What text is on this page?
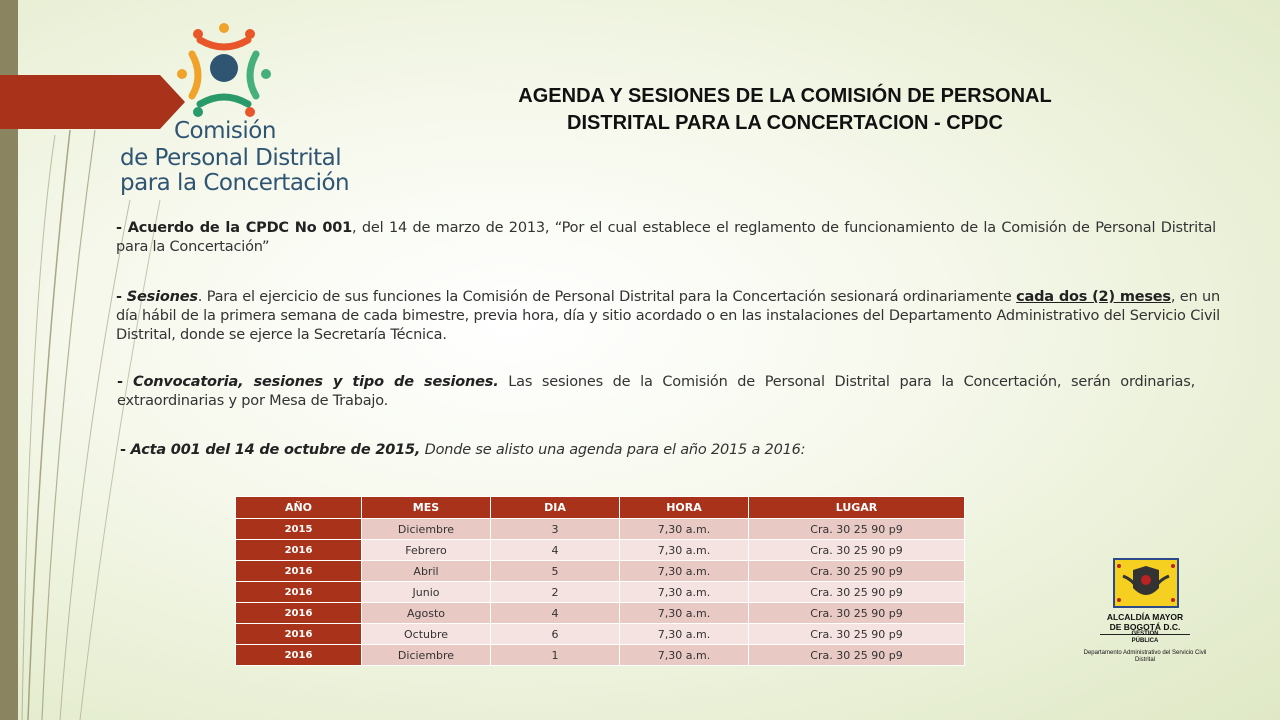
Comisión
de Personal Distrital
para la Concertación
AGENDA Y SESIONES DE LA COMISIÓN DE PERSONAL
DISTRITAL PARA LA CONCERTACION - CPDC
- Acuerdo de la CPDC No 001, del 14 de marzo de 2013, “Por el cual establece el reglamento de funcionamiento de la Comisión de Personal Distrital para la Concertación”
- Sesiones. Para el ejercicio de sus funciones la Comisión de Personal Distrital para la Concertación sesionará ordinariamente cada dos (2) meses, en un día hábil de la primera semana de cada bimestre, previa hora, día y sitio acordado o en las instalaciones del Departamento Administrativo del Servicio Civil Distrital, donde se ejerce la Secretaría Técnica.
- Convocatoria, sesiones y tipo de sesiones. Las sesiones de la Comisión de Personal Distrital para la Concertación, serán ordinarias, extraordinarias y por Mesa de Trabajo.
- Acta 001 del 14 de octubre de 2015, Donde se alisto una agenda para el año 2015 a 2016:
AÑO	MES	DIA	HORA	LUGAR
2015	Diciembre	3	7,30 a.m.	Cra. 30 25 90 p9
2016	Febrero	4	7,30 a.m.	Cra. 30 25 90 p9
2016	Abril	5	7,30 a.m.	Cra. 30 25 90 p9
2016	Junio	2	7,30 a.m.	Cra. 30 25 90 p9
2016	Agosto	4	7,30 a.m.	Cra. 30 25 90 p9
2016	Octubre	6	7,30 a.m.	Cra. 30 25 90 p9
2016	Diciembre	1	7,30 a.m.	Cra. 30 25 90 p9
ALCALDÍA MAYOR
DE BOGOTÁ D.C.
GESTIÓN
PÚBLICA
Departamento Administrativo del Servicio Civil Distrital
